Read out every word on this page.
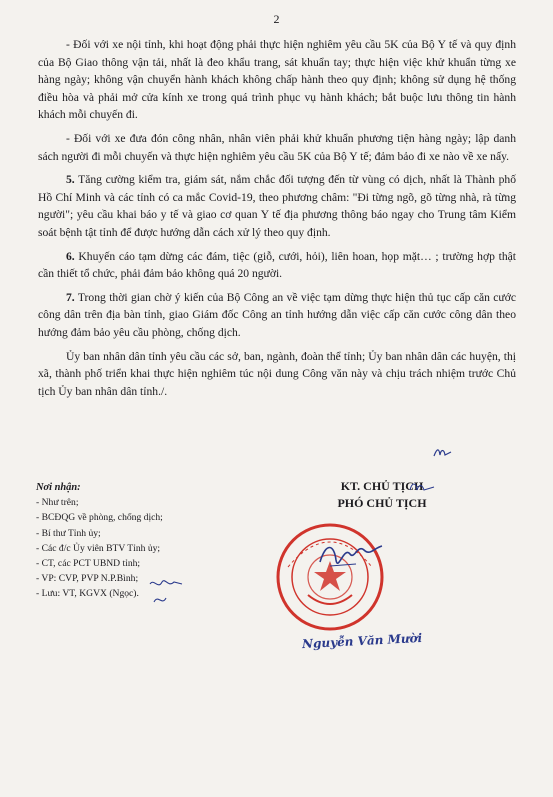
2

- Đối với xe nội tỉnh, khi hoạt động phải thực hiện nghiêm yêu cầu 5K của Bộ Y tế và quy định của Bộ Giao thông vận tải, nhất là đeo khẩu trang, sát khuẩn tay; thực hiện việc khử khuẩn từng xe hàng ngày; không vận chuyển hành khách không chấp hành theo quy định; không sử dụng hệ thống điều hòa và phải mở cửa kính xe trong quá trình phục vụ hành khách; bắt buộc lưu thông tin hành khách mỗi chuyến đi.

- Đối với xe đưa đón công nhân, nhân viên phải khử khuẩn phương tiện hàng ngày; lập danh sách người đi mỗi chuyến và thực hiện nghiêm yêu cầu 5K của Bộ Y tế; đảm bảo đi xe nào về xe nấy.

5. Tăng cường kiểm tra, giám sát, nắm chắc đối tượng đến từ vùng có dịch, nhất là Thành phố Hồ Chí Minh và các tỉnh có ca mắc Covid-19, theo phương châm: "Đi từng ngõ, gõ từng nhà, rà từng người"; yêu cầu khai báo y tế và giao cơ quan Y tế địa phương thông báo ngay cho Trung tâm Kiểm soát bệnh tật tỉnh để được hướng dẫn cách xử lý theo quy định.

6. Khuyến cáo tạm dừng các đám, tiệc (giỗ, cưới, hỏi), liên hoan, họp mặt… ; trường hợp thật cần thiết tổ chức, phải đảm bảo không quá 20 người.

7. Trong thời gian chờ ý kiến của Bộ Công an về việc tạm dừng thực hiện thủ tục cấp căn cước công dân trên địa bàn tỉnh, giao Giám đốc Công an tỉnh hướng dẫn việc cấp căn cước công dân theo hướng đảm bảo yêu cầu phòng, chống dịch.

Ủy ban nhân dân tỉnh yêu cầu các sở, ban, ngành, đoàn thể tỉnh; Ủy ban nhân dân các huyện, thị xã, thành phố triển khai thực hiện nghiêm túc nội dung Công văn này và chịu trách nhiệm trước Chủ tịch Ủy ban nhân dân tỉnh./.

Nơi nhận:
- Như trên;
- BCĐQG về phòng, chống dịch;
- Bí thư Tỉnh ủy;
- Các đ/c Ủy viên BTV Tỉnh ủy;
- CT, các PCT UBND tỉnh;
- VP: CVP, PVP N.P.Bình;
- Lưu: VT, KGVX (Ngọc).
KT. CHỦ TỊCH
PHÓ CHỦ TỊCH
Nguyễn Văn Mười
